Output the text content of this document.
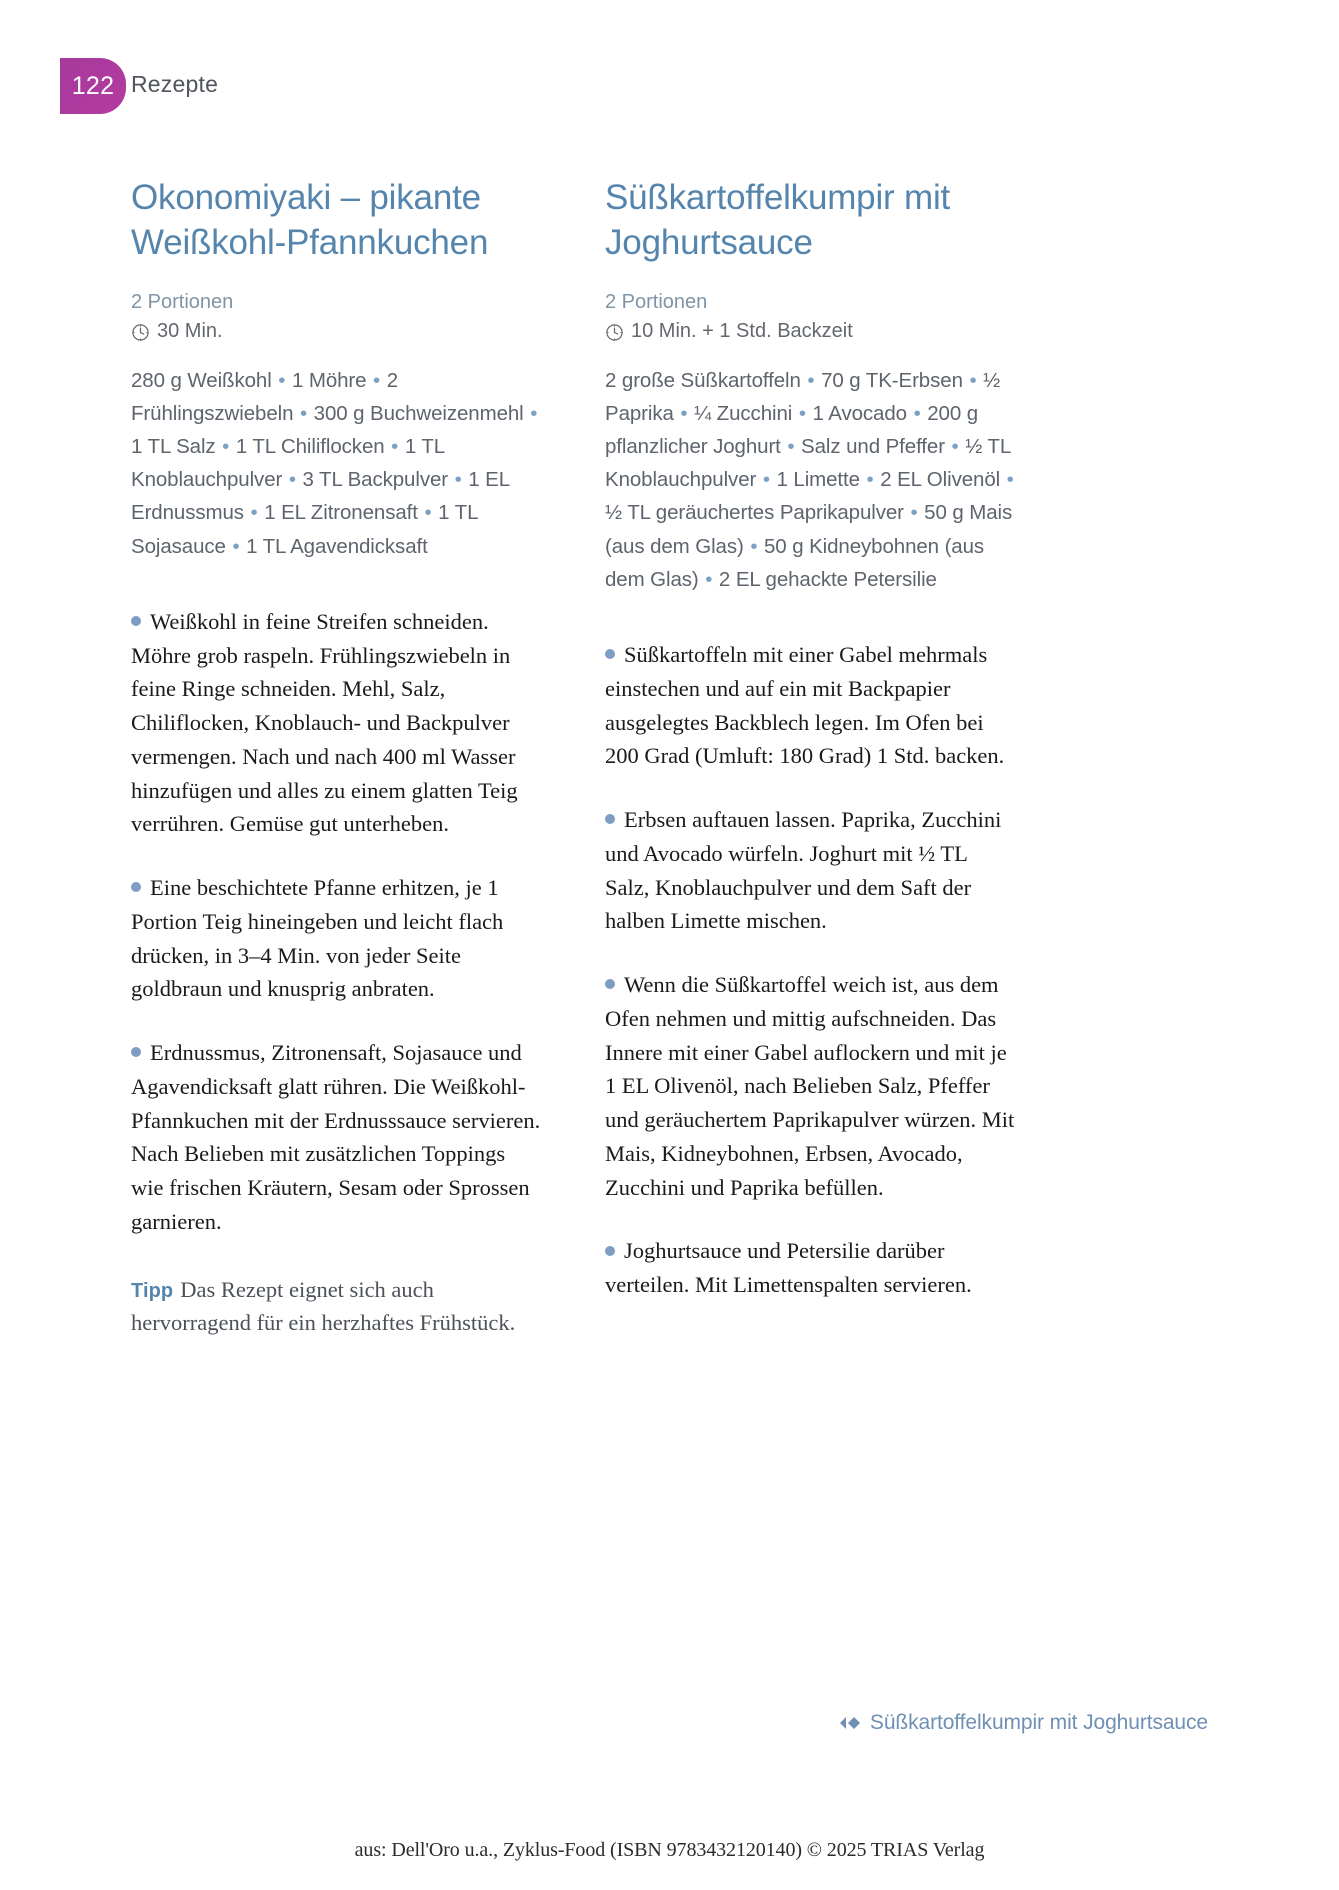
122 Rezepte
Okonomiyaki – pikante Weißkohl-Pfannkuchen
2 Portionen
30 Min.

280 g Weißkohl • 1 Möhre • 2 Frühlingszwiebeln • 300 g Buchweizenmehl • 1 TL Salz • 1 TL Chiliflocken • 1 TL Knoblauchpulver • 3 TL Backpulver • 1 EL Erdnussmus • 1 EL Zitronensaft • 1 TL Sojasauce • 1 TL Agavendicksaft

Weißkohl in feine Streifen schneiden. Möhre grob raspeln. Frühlingszwiebeln in feine Ringe schneiden. Mehl, Salz, Chiliflocken, Knoblauch- und Backpulver vermengen. Nach und nach 400 ml Wasser hinzufügen und alles zu einem glatten Teig verrühren. Gemüse gut unterheben.

Eine beschichtete Pfanne erhitzen, je 1 Portion Teig hineingeben und leicht flach drücken, in 3–4 Min. von jeder Seite goldbraun und knusprig anbraten.

Erdnussmus, Zitronensaft, Sojasauce und Agavendicksaft glatt rühren. Die Weißkohl-Pfannkuchen mit der Erdnusssauce servieren. Nach Belieben mit zusätzlichen Toppings wie frischen Kräutern, Sesam oder Sprossen garnieren.

Tipp Das Rezept eignet sich auch hervorragend für ein herzhaftes Frühstück.

Süßkartoffelkumpir mit Joghurtsauce
2 Portionen
10 Min. + 1 Std. Backzeit

2 große Süßkartoffeln • 70 g TK-Erbsen • ½ Paprika • ¼ Zucchini • 1 Avocado • 200 g pflanzlicher Joghurt • Salz und Pfeffer • ½ TL Knoblauchpulver • 1 Limette • 2 EL Olivenöl • ½ TL geräuchertes Paprikapulver • 50 g Mais (aus dem Glas) • 50 g Kidneybohnen (aus dem Glas) • 2 EL gehackte Petersilie

Süßkartoffeln mit einer Gabel mehrmals einstechen und auf ein mit Backpapier ausgelegtes Backblech legen. Im Ofen bei 200 Grad (Umluft: 180 Grad) 1 Std. backen.

Erbsen auftauen lassen. Paprika, Zucchini und Avocado würfeln. Joghurt mit ½ TL Salz, Knoblauchpulver und dem Saft der halben Limette mischen.

Wenn die Süßkartoffel weich ist, aus dem Ofen nehmen und mittig aufschneiden. Das Innere mit einer Gabel auflockern und mit je 1 EL Olivenöl, nach Belieben Salz, Pfeffer und geräuchertem Paprikapulver würzen. Mit Mais, Kidneybohnen, Erbsen, Avocado, Zucchini und Paprika befüllen.

Joghurtsauce und Petersilie darüber verteilen. Mit Limettenspalten servieren.

Süßkartoffelkumpir mit Joghurtsauce
aus: Dell'Oro u.a., Zyklus-Food (ISBN 9783432120140) © 2025 TRIAS Verlag
